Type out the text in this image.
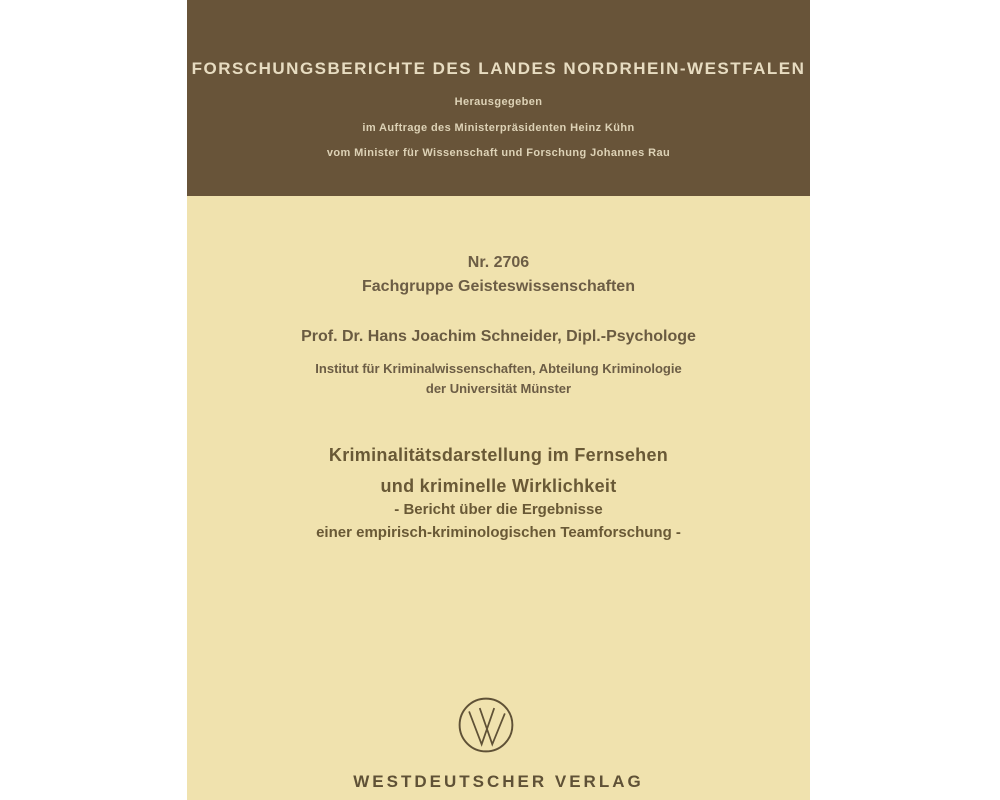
FORSCHUNGSBERICHTE DES LANDES NORDRHEIN-WESTFALEN
Herausgegeben
im Auftrage des Ministerpräsidenten Heinz Kühn
vom Minister für Wissenschaft und Forschung Johannes Rau
Nr. 2706
Fachgruppe Geisteswissenschaften
Prof. Dr. Hans Joachim Schneider, Dipl.-Psychologe
Institut für Kriminalwissenschaften, Abteilung Kriminologie
der Universität Münster
Kriminalitätsdarstellung im Fernsehen
und kriminelle Wirklichkeit
- Bericht über die Ergebnisse
einer empirisch-kriminologischen Teamforschung -
WESTDEUTSCHER VERLAG
